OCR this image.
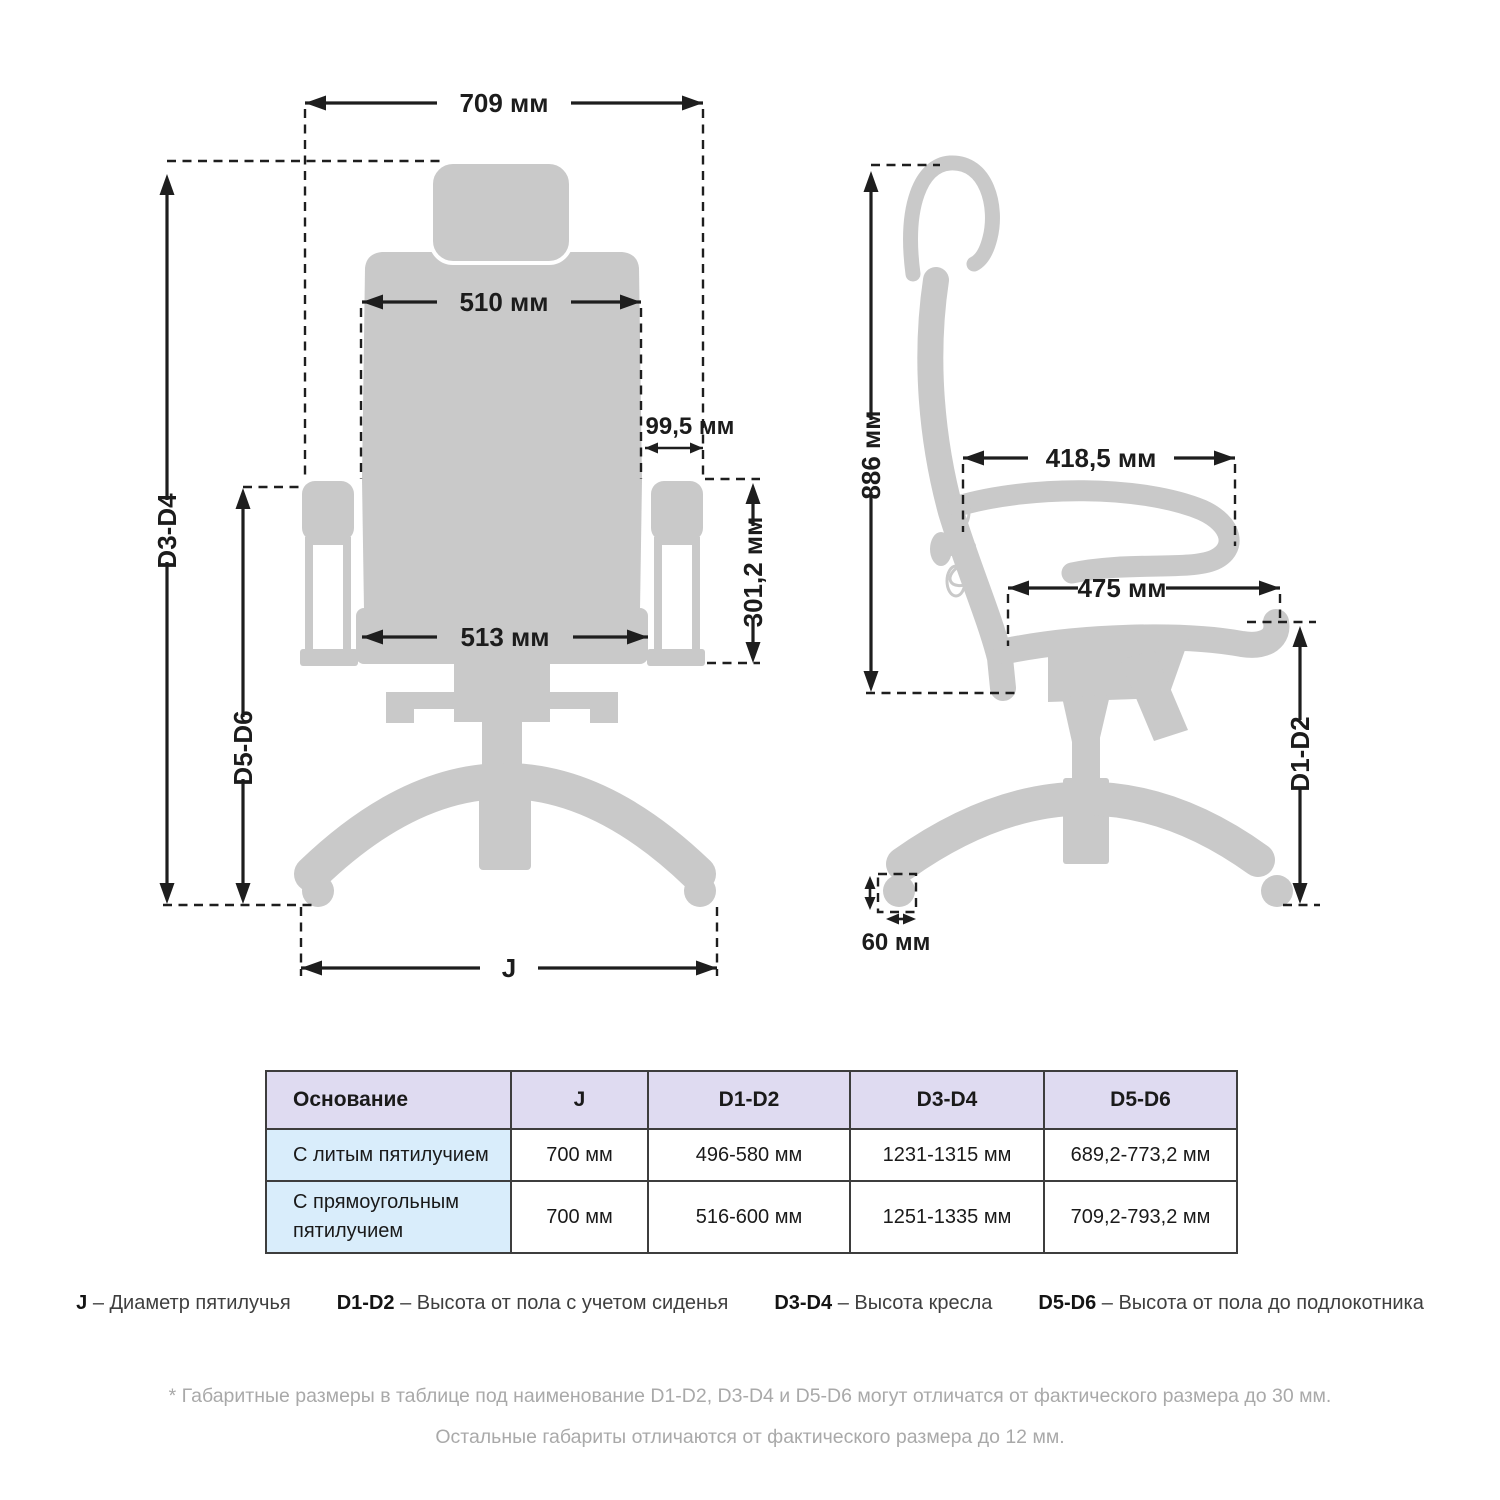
709 мм
510 мм
99,5 мм
301,2 мм
513 мм
J
D3-D4
D5-D6
886 мм	418,5 мм
475 мм
D1-D2
60 мм
Основание	J	D1-D2	D3-D4	D5-D6
С литым пятилучием	700 мм	496-580 мм	1231-1315 мм	689,2-773,2 мм
С прямоугольным пятилучием	700 мм	516-600 мм	1251-1335 мм	709,2-793,2 мм
J – Диаметр пятилучья D1-D2 – Высота от пола с учетом сиденья D3-D4 – Высота кресла D5-D6 – Высота от пола до подлокотника
* Габаритные размеры в таблице под наименование D1-D2, D3-D4 и D5-D6 могут отличатся от фактического размера до 30 мм.
Остальные габариты отличаются от фактического размера до 12 мм.
